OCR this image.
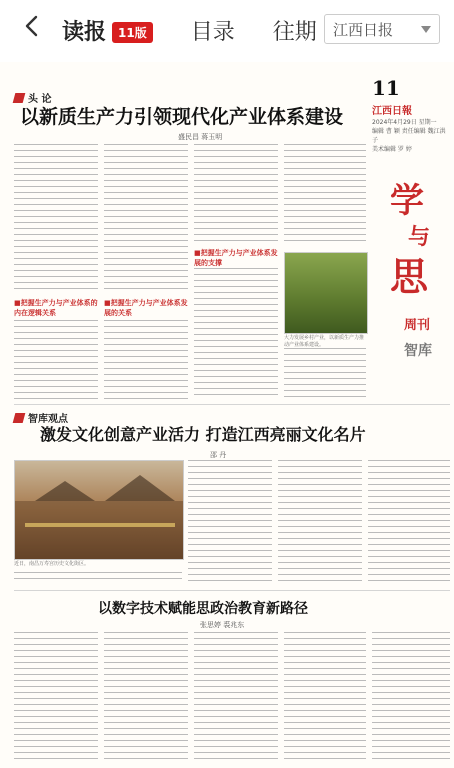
读报 11版 目录 往期 江西日报
11
江西日報
2024年4月29日 星期一
编辑 曹 颖 责任编辑 魏江洪子
美术编辑 罗 婷
学
与
思
周刊
智库
头 论
以新质生产力引领现代化产业体系建设
盛民昌 蒋玉明
■把握生产力与产业体系的内在逻辑关系
■把握生产力与产业体系发展的关系
■把握生产力与产业体系发展的支撑
大力发展乡村产业，以新质生产力推动产业体系建设。
智库观点
激发文化创意产业活力 打造江西亮丽文化名片
邵 丹
近日，南昌万寿宫历史文化街区。
以数字技术赋能思政治教育新路径
张思婷 裘兆东
